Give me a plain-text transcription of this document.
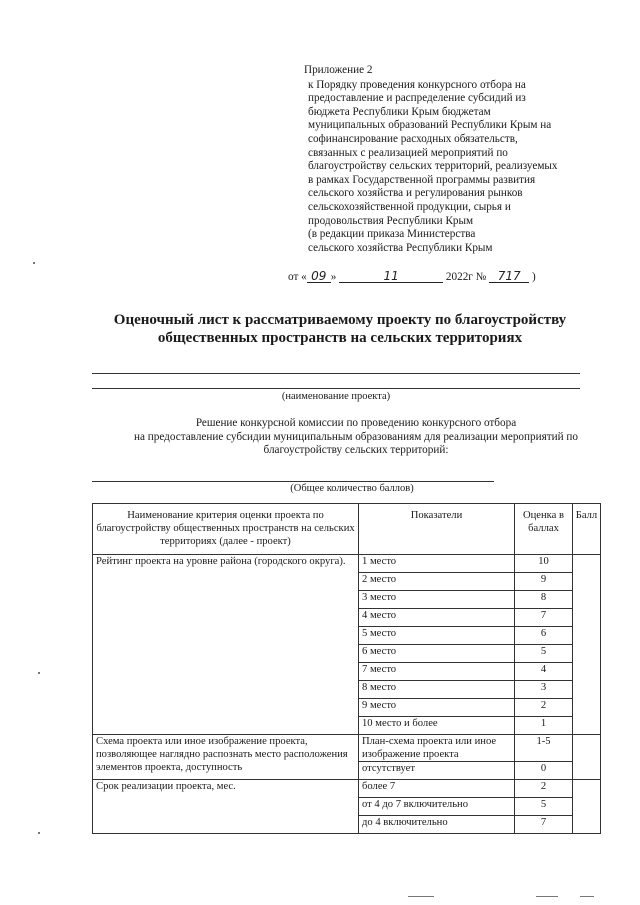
Приложение 2
к Порядку проведения конкурсного отбора на
предоставление и распределение субсидий из
бюджета Республики Крым бюджетам
муниципальных образований Республики Крым на
софинансирование расходных обязательств,
связанных с реализацией мероприятий по
благоустройству сельских территорий, реализуемых
в рамках Государственной программы развития
сельского хозяйства и регулирования рынков
сельскохозяйственной продукции, сырья и
продовольствия Республики Крым
(в редакции приказа Министерства
сельского хозяйства Республики Крым
от « 09 »	11	2022г № 717 )
Оценочный лист к рассматриваемому проекту по благоустройству
общественных пространств на сельских территориях
(наименование проекта)
Решение конкурсной комиссии по проведению конкурсного отбора
на предоставление субсидии муниципальным образованиям для реализации мероприятий по
благоустройству сельских территорий:
(Общее количество баллов)
Наименование критерия оценки проекта по благоустройству общественных пространств на сельских территориях (далее - проект)	Показатели	Оценка в баллах	Балл
Рейтинг проекта на уровне района (городского округа).	1 место	10	
	2 место	9	
	3 место	8	
	4 место	7	
	5 место	6	
	6 место	5	
	7 место	4	
	8 место	3	
	9 место	2	
	10 место и более	1	
Схема проекта или иное изображение проекта, позволяющее наглядно распознать место расположения элементов проекта, доступность	План-схема проекта или иное изображение проекта	1-5	
	отсутствует	0	
Срок реализации проекта, мес.	более 7	2	
	от 4 до 7 включительно	5	
	до 4 включительно	7	
